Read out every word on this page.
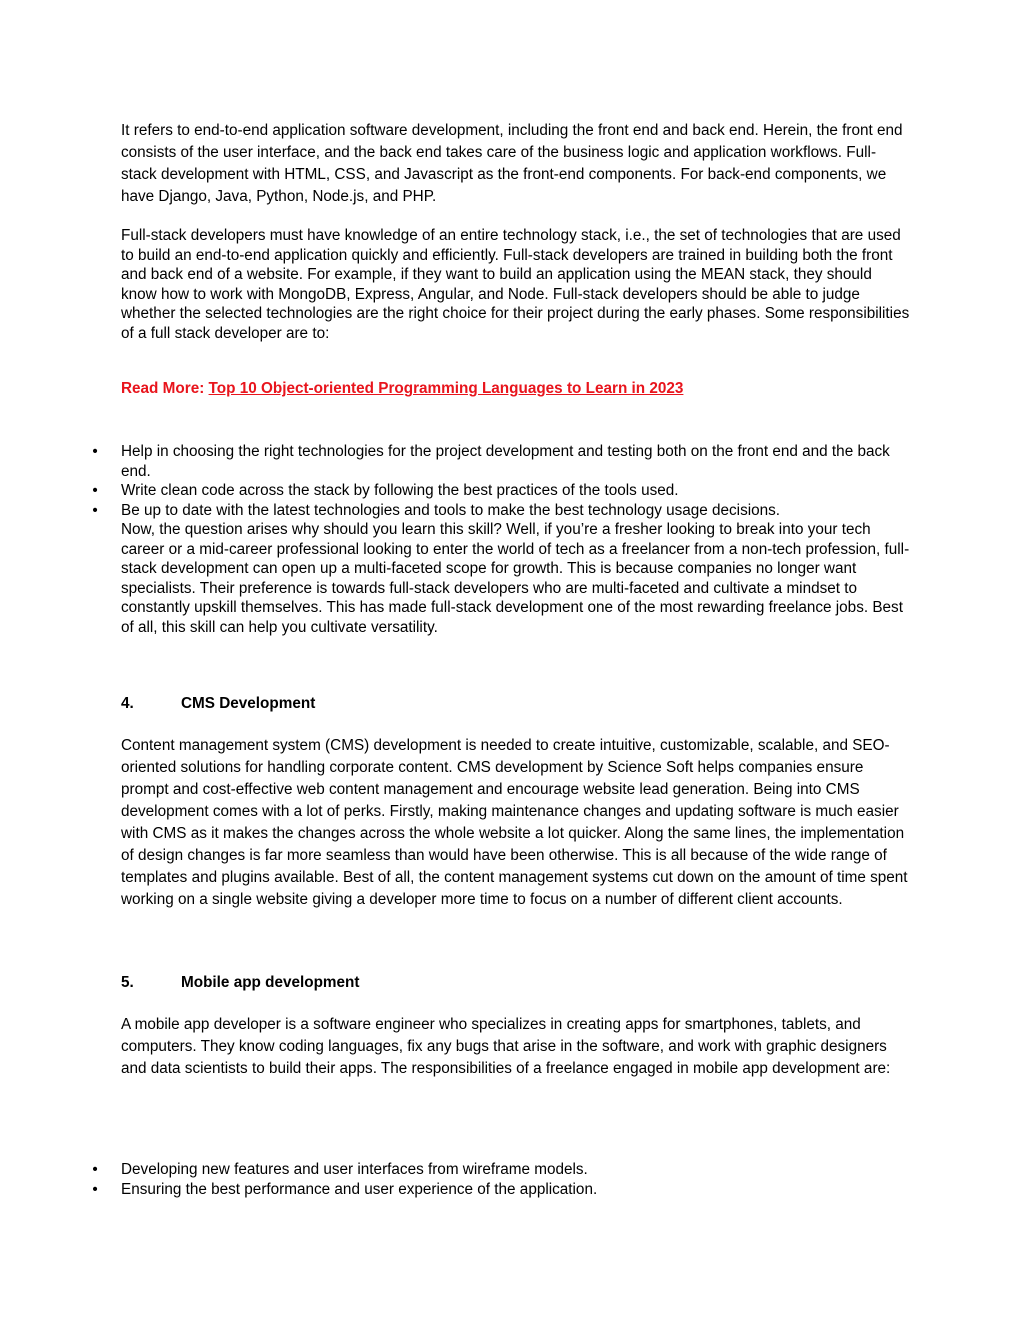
It refers to end-to-end application software development, including the front end and back end. Herein, the front end consists of the user interface, and the back end takes care of the business logic and application workflows. Full-stack development with HTML, CSS, and Javascript as the front-end components. For back-end components, we have Django, Java, Python, Node.js, and PHP.

Full-stack developers must have knowledge of an entire technology stack, i.e., the set of technologies that are used to build an end-to-end application quickly and efficiently. Full-stack developers are trained in building both the front and back end of a website. For example, if they want to build an application using the MEAN stack, they should know how to work with MongoDB, Express, Angular, and Node. Full-stack developers should be able to judge whether the selected technologies are the right choice for their project during the early phases. Some responsibilities of a full stack developer are to:

Read More: Top 10 Object-oriented Programming Languages to Learn in 2023

• Help in choosing the right technologies for the project development and testing both on the front end and the back end.
• Write clean code across the stack by following the best practices of the tools used.
• Be up to date with the latest technologies and tools to make the best technology usage decisions.

Now, the question arises why should you learn this skill? Well, if you’re a fresher looking to break into your tech career or a mid-career professional looking to enter the world of tech as a freelancer from a non-tech profession, full-stack development can open up a multi-faceted scope for growth. This is because companies no longer want specialists. Their preference is towards full-stack developers who are multi-faceted and cultivate a mindset to constantly upskill themselves. This has made full-stack development one of the most rewarding freelance jobs. Best of all, this skill can help you cultivate versatility.

4.	CMS Development

Content management system (CMS) development is needed to create intuitive, customizable, scalable, and SEO-oriented solutions for handling corporate content. CMS development by Science Soft helps companies ensure prompt and cost-effective web content management and encourage website lead generation. Being into CMS development comes with a lot of perks. Firstly, making maintenance changes and updating software is much easier with CMS as it makes the changes across the whole website a lot quicker. Along the same lines, the implementation of design changes is far more seamless than would have been otherwise. This is all because of the wide range of templates and plugins available. Best of all, the content management systems cut down on the amount of time spent working on a single website giving a developer more time to focus on a number of different client accounts.

5.	Mobile app development

A mobile app developer is a software engineer who specializes in creating apps for smartphones, tablets, and computers. They know coding languages, fix any bugs that arise in the software, and work with graphic designers and data scientists to build their apps. The responsibilities of a freelance engaged in mobile app development are:

• Developing new features and user interfaces from wireframe models.
• Ensuring the best performance and user experience of the application.
